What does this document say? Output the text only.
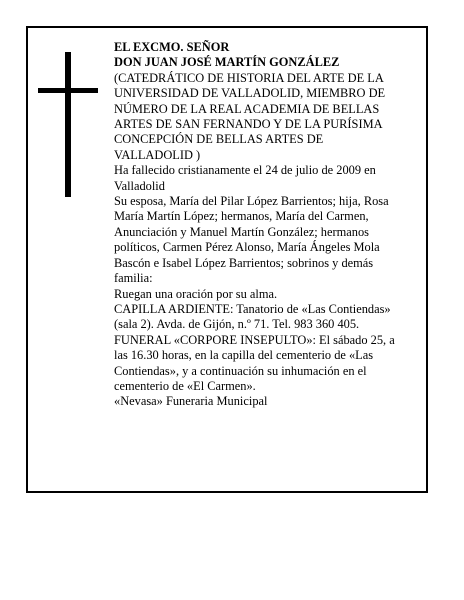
EL EXCMO. SEÑOR

DON JUAN JOSÉ MARTÍN GONZÁLEZ

(CATEDRÁTICO DE HISTORIA DEL ARTE DE LA
UNIVERSIDAD DE VALLADOLID, MIEMBRO DE
NÚMERO DE LA REAL ACADEMIA DE BELLAS
ARTES DE SAN FERNANDO Y DE LA PURÍSIMA
CONCEPCIÓN DE BELLAS ARTES DE
VALLADOLID )

Ha fallecido cristianamente el 24 de julio de 2009 en
Valladolid

Su esposa, María del Pilar López Barrientos; hija, Rosa
María Martín López; hermanos, María del Carmen,
Anunciación y Manuel Martín González; hermanos
políticos, Carmen Pérez Alonso, María Ángeles Mola
Bascón e Isabel López Barrientos; sobrinos y demás
familia:

Ruegan una oración por su alma.

CAPILLA ARDIENTE: Tanatorio de «Las Contiendas»
(sala 2). Avda. de Gijón, n.º 71. Tel. 983 360 405.

FUNERAL «CORPORE INSEPULTO»: El sábado 25, a
las 16.30 horas, en la capilla del cementerio de «Las
Contiendas», y a continuación su inhumación en el
cementerio de «El Carmen».

«Nevasa» Funeraria Municipal
